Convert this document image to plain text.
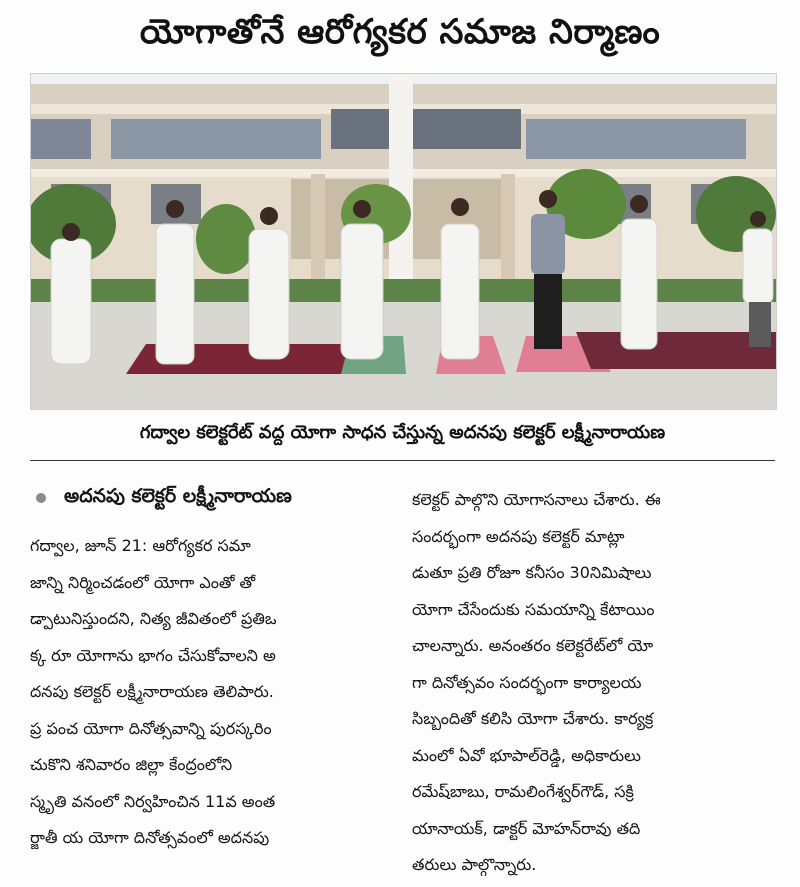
యోగాతోనే ఆరోగ్యకర సమాజ నిర్మాణం
గద్వాల కలెక్టరేట్ వద్ద యోగా సాధన చేస్తున్న అదనపు కలెక్టర్ లక్ష్మీనారాయణ
అదనపు కలెక్టర్ లక్ష్మీనారాయణ
గద్వాల, జూన్ 21: ఆరోగ్యకర సమా
జాన్ని నిర్మించడంలో యోగా ఎంతో తో
డ్పాటునిస్తుందని, నిత్య జీవితంలో ప్రతిఒ
క్క రూ యోగాను భాగం చేసుకోవాలని అ
దనపు కలెక్టర్ లక్ష్మీనారాయణ తెలిపారు.
ప్ర పంచ యోగా దినోత్సవాన్ని పురస్కరిం
చుకొని శనివారం జిల్లా కేంద్రంలోని
స్మృతి వనంలో నిర్వహించిన 11వ అంత
ర్జాతీ య యోగా దినోత్సవంలో అదనపు
కలెక్టర్ పాల్గొని యోగాసనాలు చేశారు. ఈ
సందర్భంగా అదనపు కలెక్టర్ మాట్లా
డుతూ ప్రతి రోజూ కనీసం 30నిమిషాలు
యోగా చేసేందుకు సమయాన్ని కేటాయిం
చాలన్నారు. అనంతరం కలెక్టరేట్‌లో యో
గా దినోత్సవం సందర్భంగా కార్యాలయ
సిబ్బందితో కలిసి యోగా చేశారు. కార్యక్ర
మంలో ఏవో భూపాల్‌రెడ్డి, అధికారులు
రమేష్‌బాబు, రామలింగేశ్వర్‌గౌడ్, సక్రి
యానాయక్, డాక్టర్ మోహన్‌రావు తది
తరులు పాల్గొన్నారు.
